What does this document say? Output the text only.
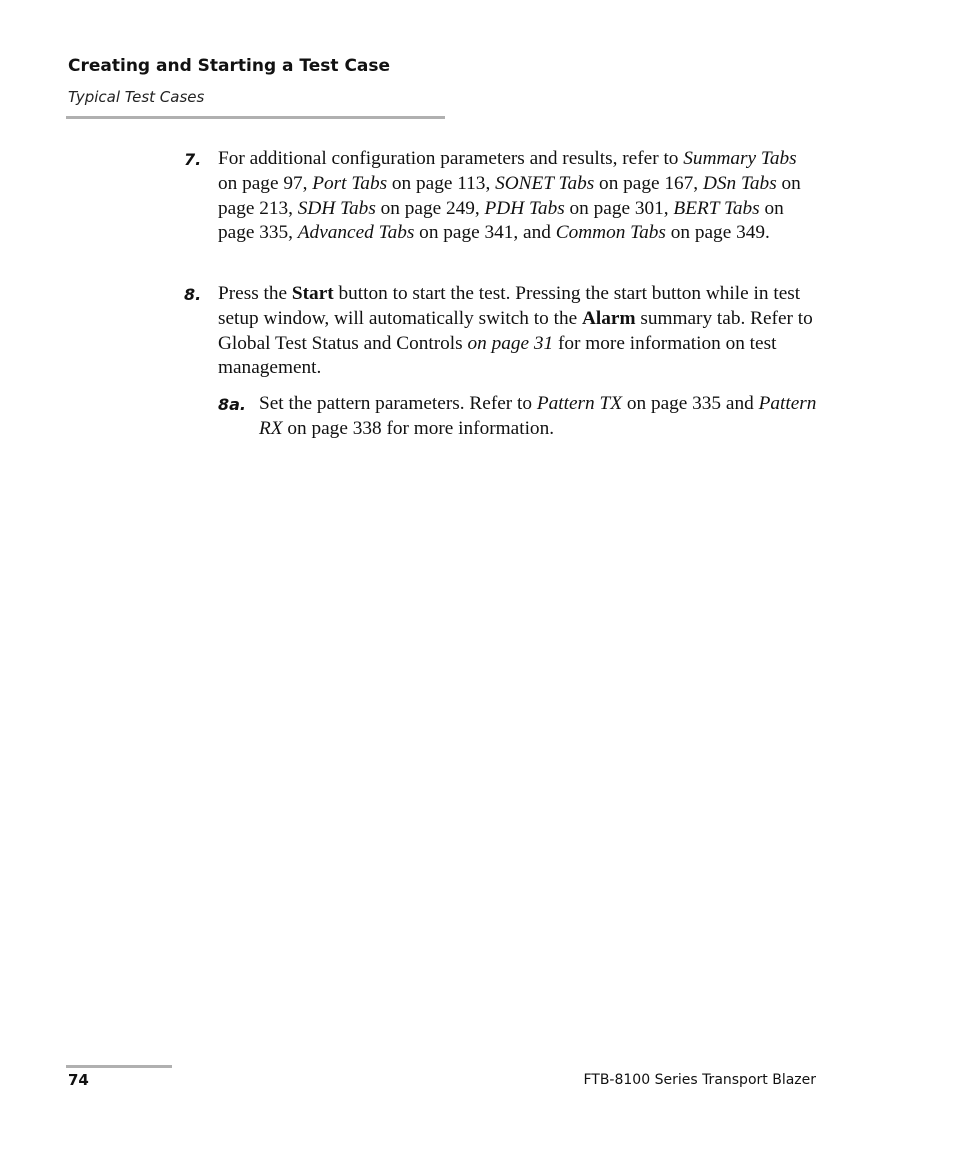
Creating and Starting a Test Case
Typical Test Cases
7. For additional configuration parameters and results, refer to Summary Tabs on page 97, Port Tabs on page 113, SONET Tabs on page 167, DSn Tabs on page 213, SDH Tabs on page 249, PDH Tabs on page 301, BERT Tabs on page 335, Advanced Tabs on page 341, and Common Tabs on page 349.
8. Press the Start button to start the test. Pressing the start button while in test setup window, will automatically switch to the Alarm summary tab. Refer to Global Test Status and Controls on page 31 for more information on test management.
8a. Set the pattern parameters. Refer to Pattern TX on page 335 and Pattern RX on page 338 for more information.
74	FTB-8100 Series Transport Blazer
